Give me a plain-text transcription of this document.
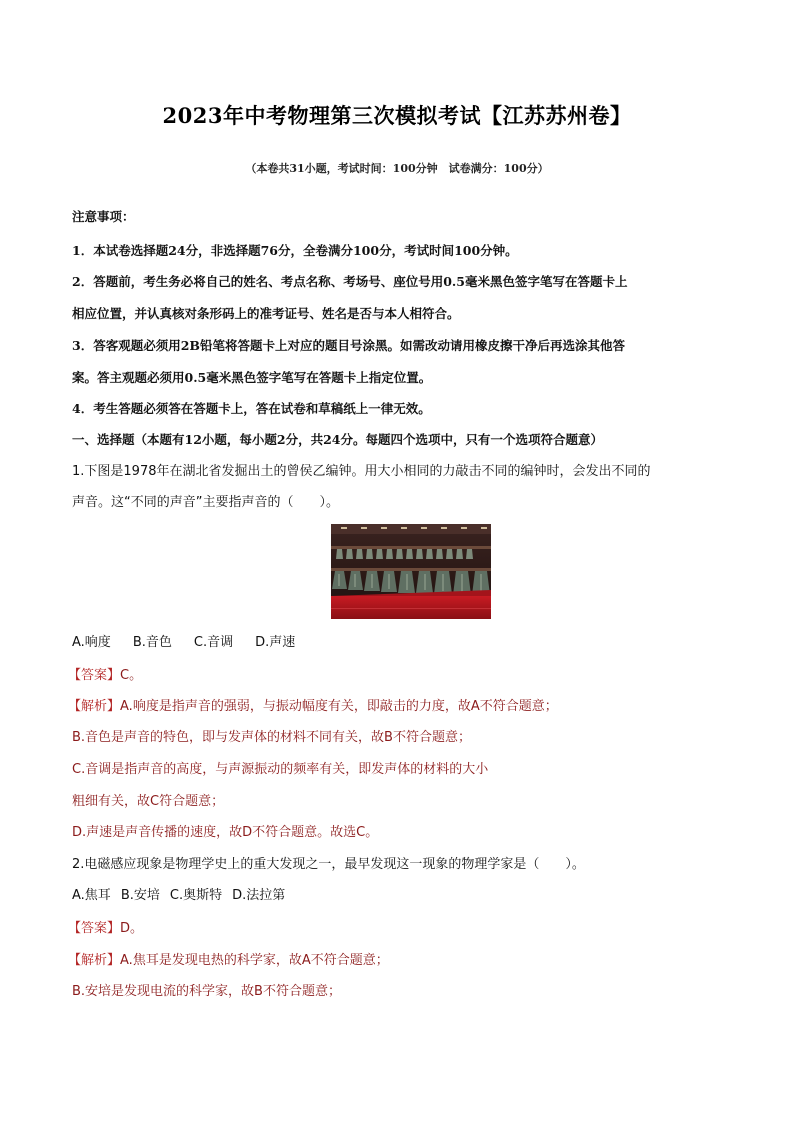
2023年中考物理第三次模拟考试【江苏苏州卷】
（本卷共31小题，考试时间：100分钟　试卷满分：100分）
注意事项：
1．本试卷选择题24分，非选择题76分，全卷满分100分，考试时间100分钟。
2．答题前，考生务必将自己的姓名、考点名称、考场号、座位号用0.5毫米黑色签字笔写在答题卡上
相应位置，并认真核对条形码上的准考证号、姓名是否与本人相符合。
3．答客观题必须用2B铅笔将答题卡上对应的题目号涂黑。如需改动请用橡皮擦干净后再选涂其他答
案。答主观题必须用0.5毫米黑色签字笔写在答题卡上指定位置。
4．考生答题必须答在答题卡上，答在试卷和草稿纸上一律无效。
一、选择题（本题有12小题，每小题2分，共24分。每题四个选项中，只有一个选项符合题意）
1.下图是1978年在湖北省发掘出土的曾侯乙编钟。用大小相同的力敲击不同的编钟时，会发出不同的
声音。这“不同的声音”主要指声音的（　　）。
A.响度 B.音色 C.音调 D.声速
【答案】C。
【解析】A.响度是指声音的强弱，与振动幅度有关，即敲击的力度，故A不符合题意；
B.音色是声音的特色，即与发声体的材料不同有关，故B不符合题意；
C.音调是指声音的高度，与声源振动的频率有关，即发声体的材料的大小
粗细有关，故C符合题意；
D.声速是声音传播的速度，故D不符合题意。故选C。
2.电磁感应现象是物理学史上的重大发现之一，最早发现这一现象的物理学家是（　　）。
A.焦耳 B.安培 C.奥斯特 D.法拉第
【答案】D。
【解析】A.焦耳是发现电热的科学家，故A不符合题意；
B.安培是发现电流的科学家，故B不符合题意；
